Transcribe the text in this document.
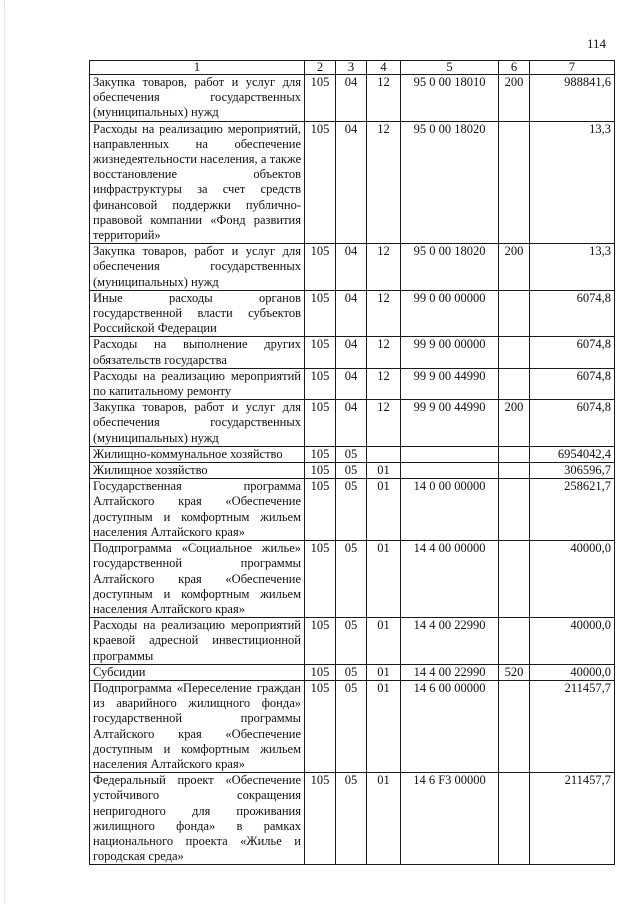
114
1	2	3	4	5	6	7
Закупка товаров, работ и услуг для обеспечения государственных (муниципальных) нужд	105	04	12	95 0 00 18010	200	988841,6
Расходы на реализацию мероприятий, направленных на обеспечение жизнедеятельности населения, а также восстановление объектов инфраструктуры за счет средств финансовой поддержки публично-правовой компании «Фонд развития территорий»	105	04	12	95 0 00 18020		13,3
Закупка товаров, работ и услуг для обеспечения государственных (муниципальных) нужд	105	04	12	95 0 00 18020	200	13,3
Иные расходы органов государственной власти субъектов Российской Федерации	105	04	12	99 0 00 00000		6074,8
Расходы на выполнение других обязательств государства	105	04	12	99 9 00 00000		6074,8
Расходы на реализацию мероприятий по капитальному ремонту	105	04	12	99 9 00 44990		6074,8
Закупка товаров, работ и услуг для обеспечения государственных (муниципальных) нужд	105	04	12	99 9 00 44990	200	6074,8
Жилищно-коммунальное хозяйство	105	05				6954042,4
Жилищное хозяйство	105	05	01			306596,7
Государственная программа Алтайского края «Обеспечение доступным и комфортным жильем населения Алтайского края»	105	05	01	14 0 00 00000		258621,7
Подпрограмма «Социальное жилье» государственной программы Алтайского края «Обеспечение доступным и комфортным жильем населения Алтайского края»	105	05	01	14 4 00 00000		40000,0
Расходы на реализацию мероприятий краевой адресной инвестиционной программы	105	05	01	14 4 00 22990		40000,0
Субсидии	105	05	01	14 4 00 22990	520	40000,0
Подпрограмма «Переселение граждан из аварийного жилищного фонда» государственной программы Алтайского края «Обеспечение доступным и комфортным жильем населения Алтайского края»	105	05	01	14 6 00 00000		211457,7
Федеральный проект «Обеспечение устойчивого сокращения непригодного для проживания жилищного фонда» в рамках национального проекта «Жилье и городская среда»	105	05	01	14 6 F3 00000		211457,7
